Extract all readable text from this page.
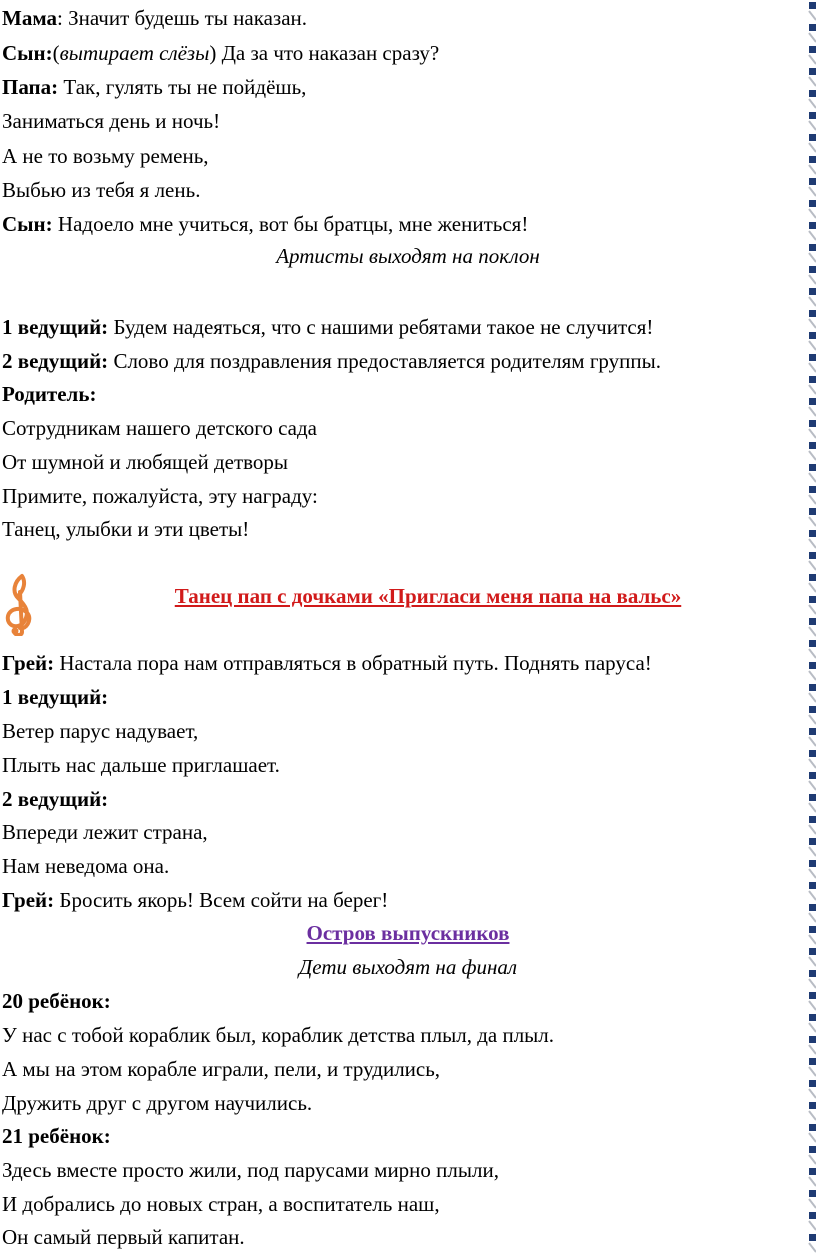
Мама: Значит будешь ты наказан.
Сын:(вытирает слёзы) Да за что наказан сразу?
Папа: Так, гулять ты не пойдёшь,
Заниматься день и ночь!
А не то возьму ремень,
Выбью из тебя я лень.
Сын: Надоело мне учиться, вот бы братцы, мне жениться!
Артисты выходят на поклон
1 ведущий: Будем надеяться, что с нашими ребятами такое не случится!
2 ведущий: Слово для поздравления предоставляется родителям группы.
Родитель:
Сотрудникам нашего детского сада
От шумной и любящей детворы
Примите, пожалуйста, эту награду:
Танец, улыбки и эти цветы!
Танец пап с дочками «Пригласи меня папа на вальс»
Грей: Настала пора нам отправляться в обратный путь. Поднять паруса!
1 ведущий:
Ветер парус надувает,
Плыть нас дальше приглашает.
2 ведущий:
Впереди лежит страна,
Нам неведома она.
Грей: Бросить якорь! Всем сойти на берег!
Остров выпускников
Дети выходят на финал
20 ребёнок:
У нас с тобой кораблик был, кораблик детства плыл, да плыл.
А мы на этом корабле играли, пели, и трудились,
Дружить друг с другом научились.
21 ребёнок:
Здесь вместе просто жили, под парусами мирно плыли,
И добрались до новых стран, а воспитатель наш,
Он самый первый капитан.
